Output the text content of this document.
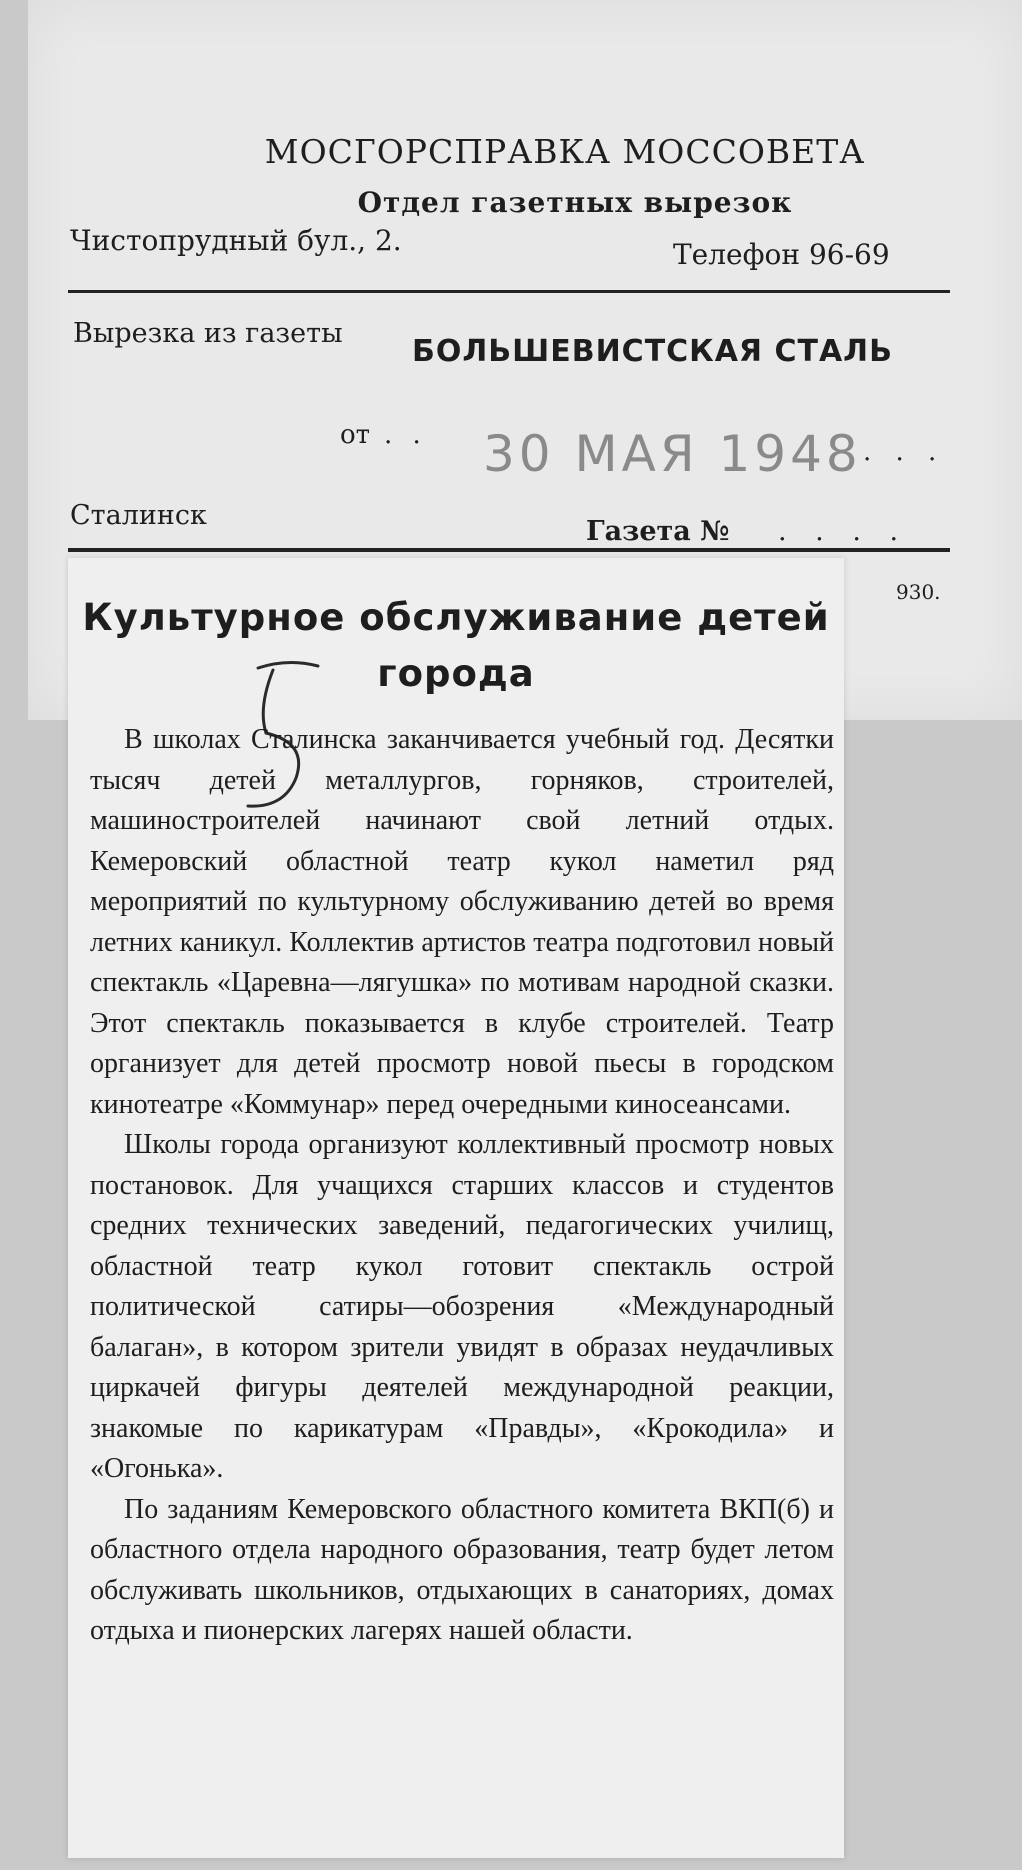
МОСГОРСПРАВКА МОССОВЕТА
Отдел газетных вырезок
Чистопрудный бул., 2.	Телефон 96-69
Вырезка из газеты
БОЛЬШЕВИСТСКАЯ СТАЛЬ
от . . 30 МАЯ 1948 . . .
Сталинск
Газета № . . . .
930.
Культурное обслуживание детей города

В школах Сталинска заканчивается учебный год. Десятки тысяч детей металлургов, горняков, строителей, машиностроителей начинают свой летний отдых. Кемеровский областной театр кукол наметил ряд мероприятий по культурному обслуживанию детей во время летних каникул. Коллектив артистов театра подготовил новый спектакль «Царевна—лягушка» по мотивам народной сказки. Этот спектакль показывается в клубе строителей. Театр организует для детей просмотр новой пьесы в городском кинотеатре «Коммунар» перед очередными киносеансами.

Школы города организуют коллективный просмотр новых постановок. Для учащихся старших классов и студентов средних технических заведений, педагогических училищ, областной театр кукол готовит спектакль острой политической сатиры—обозрения «Международный балаган», в котором зрители увидят в образах неудачливых циркачей фигуры деятелей международной реакции, знакомые по карикатурам «Правды», «Крокодила» и «Огонька».

По заданиям Кемеровского областного комитета ВКП(б) и областного отдела народного образования, театр будет летом обслуживать школьников, отдыхающих в санаториях, домах отдыха и пионерских лагерях нашей области.
